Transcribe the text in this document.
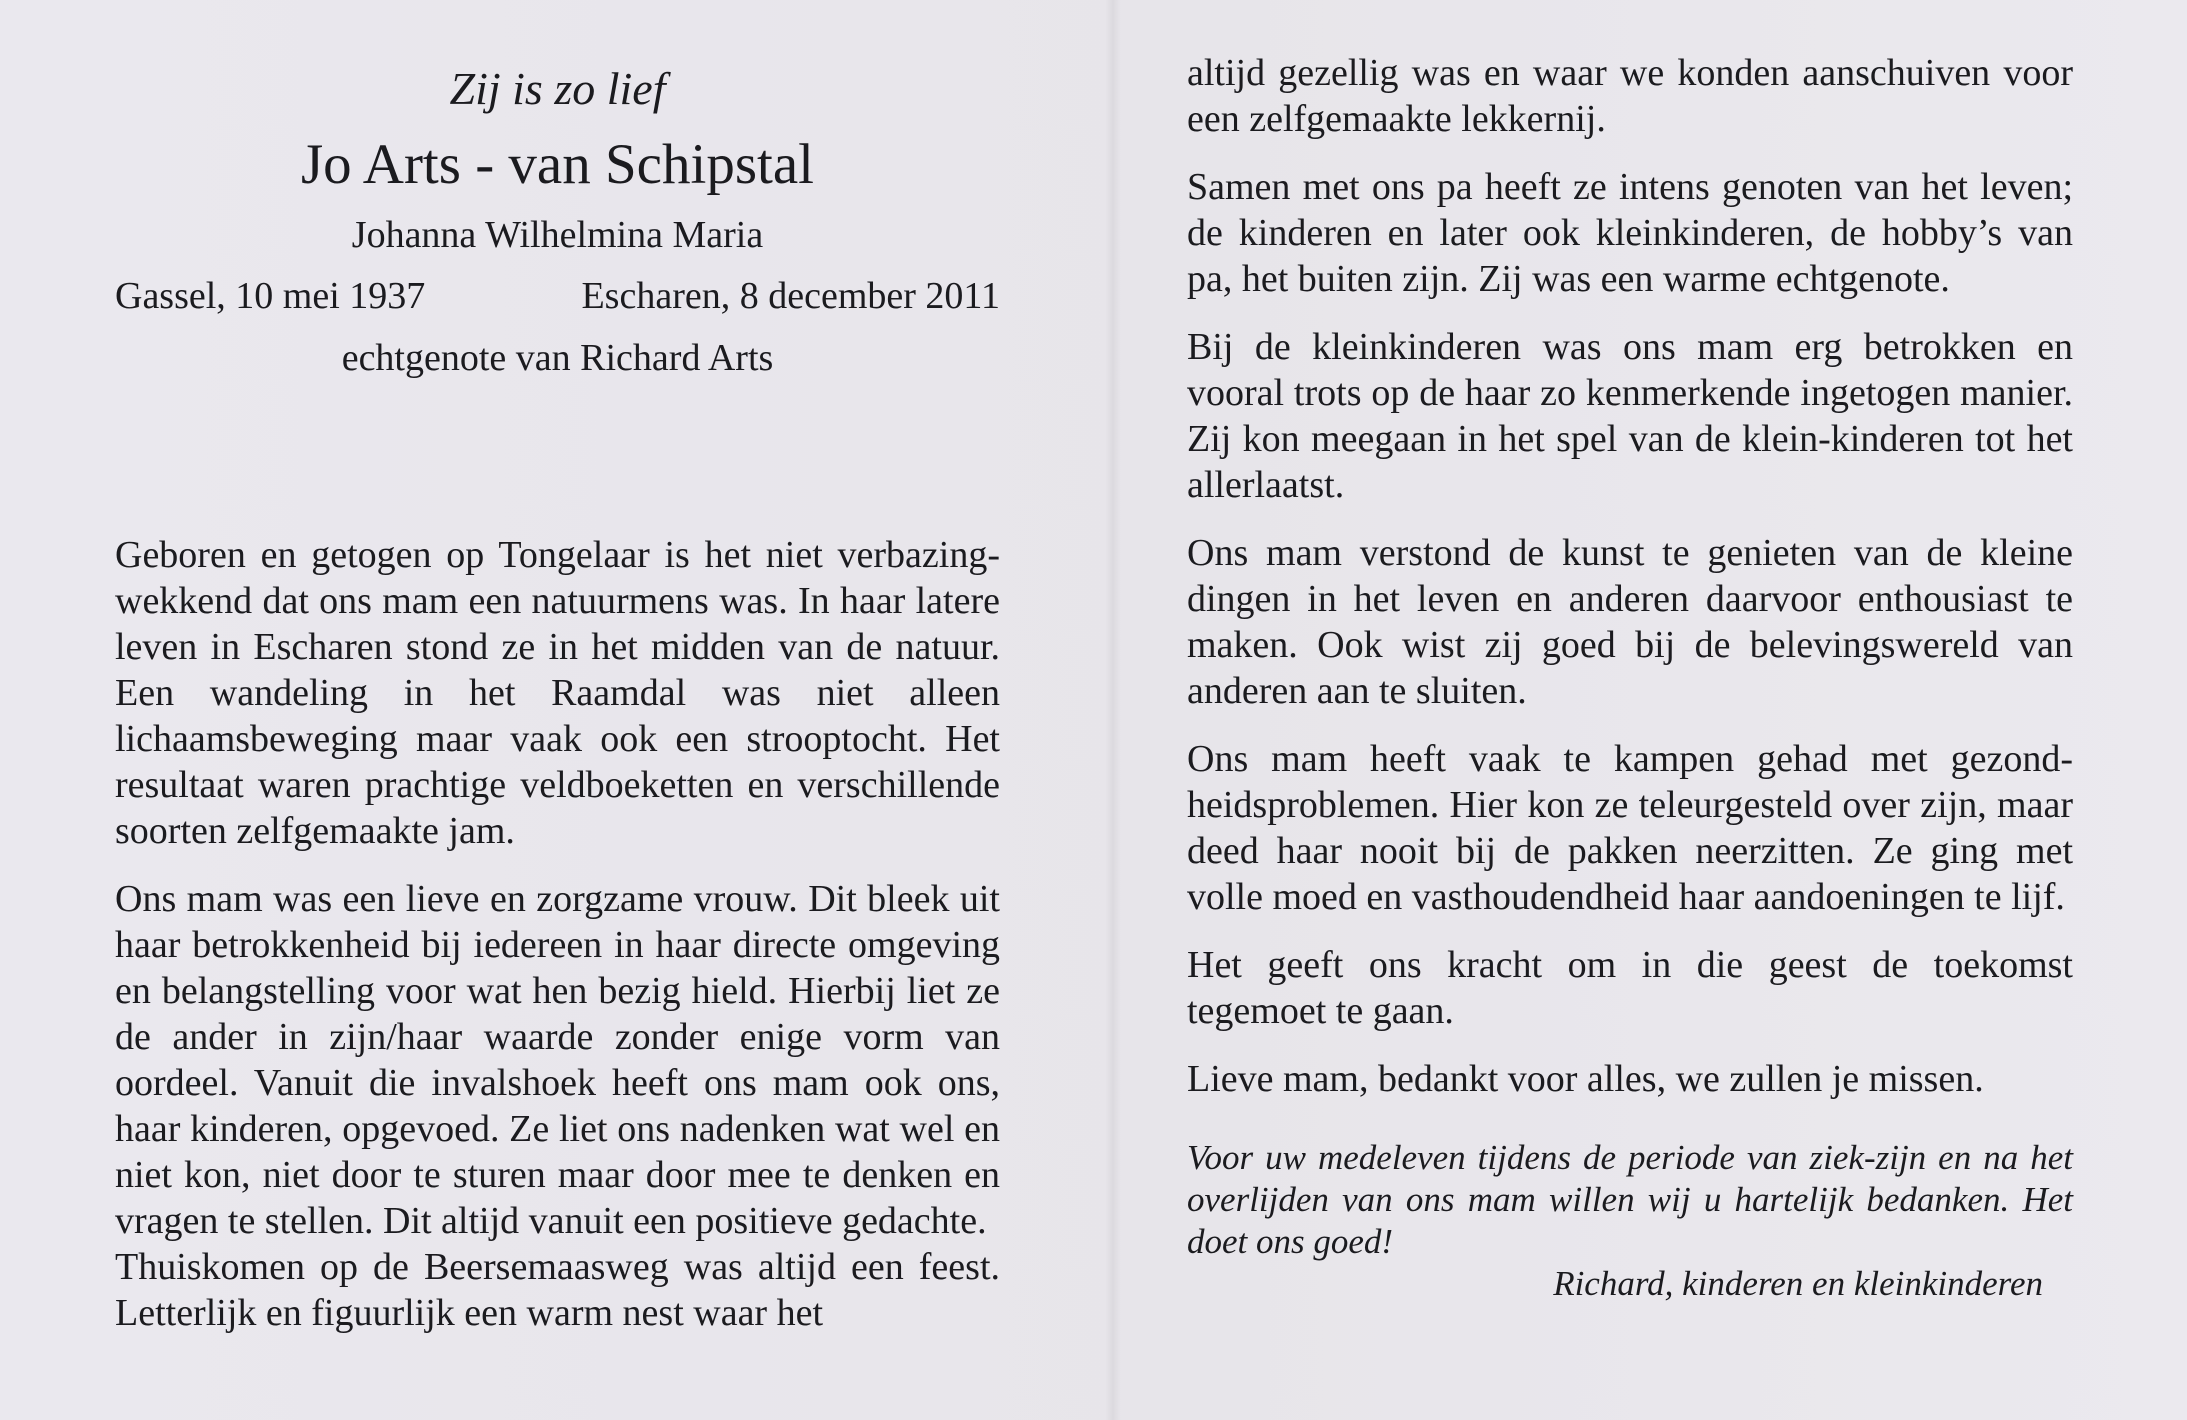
Zij is zo lief
Jo Arts - van Schipstal
Johanna Wilhelmina Maria
Gassel, 10 mei 1937	Escharen, 8 december 2011
echtgenote van Richard Arts

Geboren en getogen op Tongelaar is het niet verbazing-wekkend dat ons mam een natuurmens was. In haar latere leven in Escharen stond ze in het midden van de natuur. Een wandeling in het Raamdal was niet alleen lichaamsbeweging maar vaak ook een strooptocht. Het resultaat waren prachtige veldboeketten en verschillende soorten zelfgemaakte jam.

Ons mam was een lieve en zorgzame vrouw. Dit bleek uit haar betrokkenheid bij iedereen in haar directe omgeving en belangstelling voor wat hen bezig hield. Hierbij liet ze de ander in zijn/haar waarde zonder enige vorm van oordeel. Vanuit die invalshoek heeft ons mam ook ons, haar kinderen, opgevoed. Ze liet ons nadenken wat wel en niet kon, niet door te sturen maar door mee te denken en vragen te stellen. Dit altijd vanuit een positieve gedachte.

Thuiskomen op de Beersemaasweg was altijd een feest. Letterlijk en figuurlijk een warm nest waar het

altijd gezellig was en waar we konden aanschuiven voor een zelfgemaakte lekkernij.

Samen met ons pa heeft ze intens genoten van het leven; de kinderen en later ook kleinkinderen, de hobby’s van pa, het buiten zijn. Zij was een warme echtgenote.

Bij de kleinkinderen was ons mam erg betrokken en vooral trots op de haar zo kenmerkende ingetogen manier. Zij kon meegaan in het spel van de klein-kinderen tot het allerlaatst.

Ons mam verstond de kunst te genieten van de kleine dingen in het leven en anderen daarvoor enthousiast te maken. Ook wist zij goed bij de belevingswereld van anderen aan te sluiten.

Ons mam heeft vaak te kampen gehad met gezond-heidsproblemen. Hier kon ze teleurgesteld over zijn, maar deed haar nooit bij de pakken neerzitten. Ze ging met volle moed en vasthoudendheid haar aandoeningen te lijf.

Het geeft ons kracht om in die geest de toekomst tegemoet te gaan.

Lieve mam, bedankt voor alles, we zullen je missen.

Voor uw medeleven tijdens de periode van ziek-zijn en na het overlijden van ons mam willen wij u hartelijk bedanken. Het doet ons goed!
Richard, kinderen en kleinkinderen
